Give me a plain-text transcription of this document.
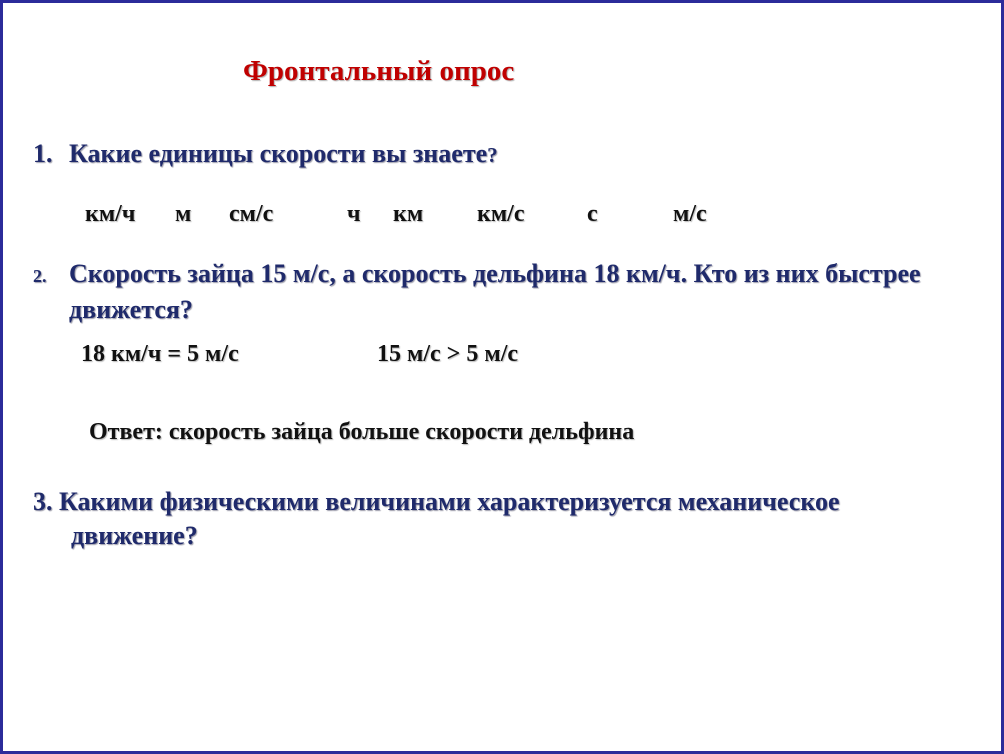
Фронтальный опрос
1. Какие единицы скорости вы знаете?
км/ч м см/с	ч км км/с	с	м/с
2. Скорость зайца 15 м/с, а скорость дельфина 18 км/ч. Кто из них быстрее
движется?
18 км/ч = 5 м/с	15 м/с > 5 м/с
Ответ: скорость зайца больше скорости дельфина
3. Какими физическими величинами характеризуется механическое
движение?
